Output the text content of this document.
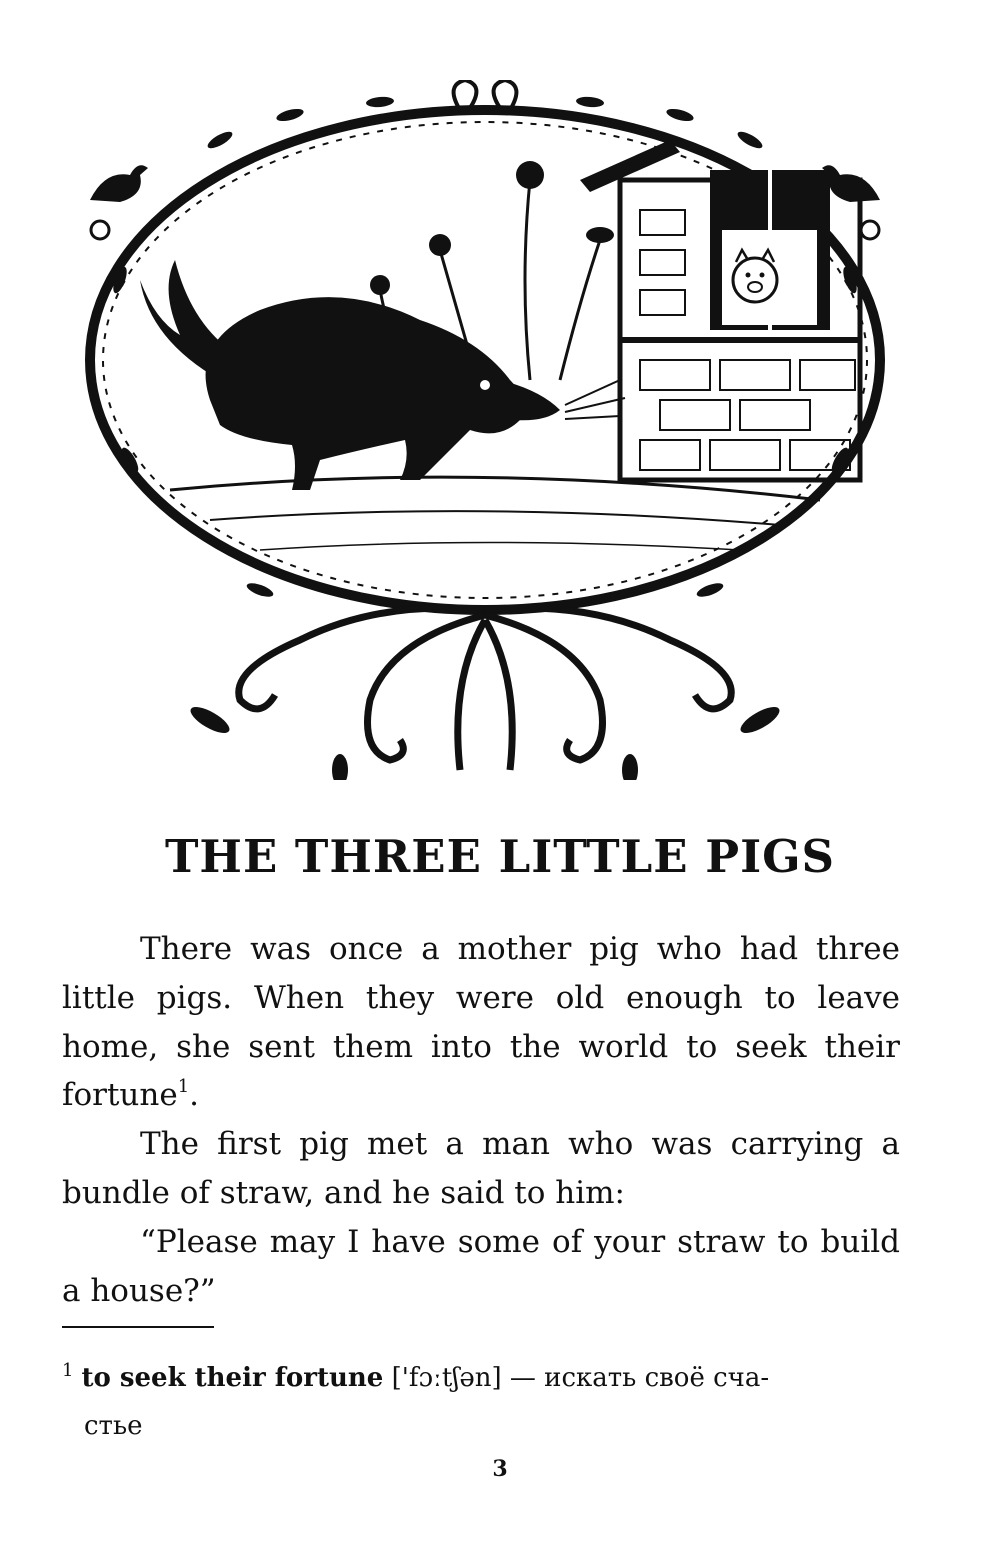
THE THREE LITTLE PIGS

There was once a mother pig who had three little pigs. When they were old enough to leave home, she sent them into the world to seek their fortune$^1$.

The first pig met a man who was carrying a bundle of straw, and he said to him:

“Please may I have some of your straw to build a house?”

$^1$ to seek their fortune ['fɔːtʃən] — искать своё сча-
стье
3
